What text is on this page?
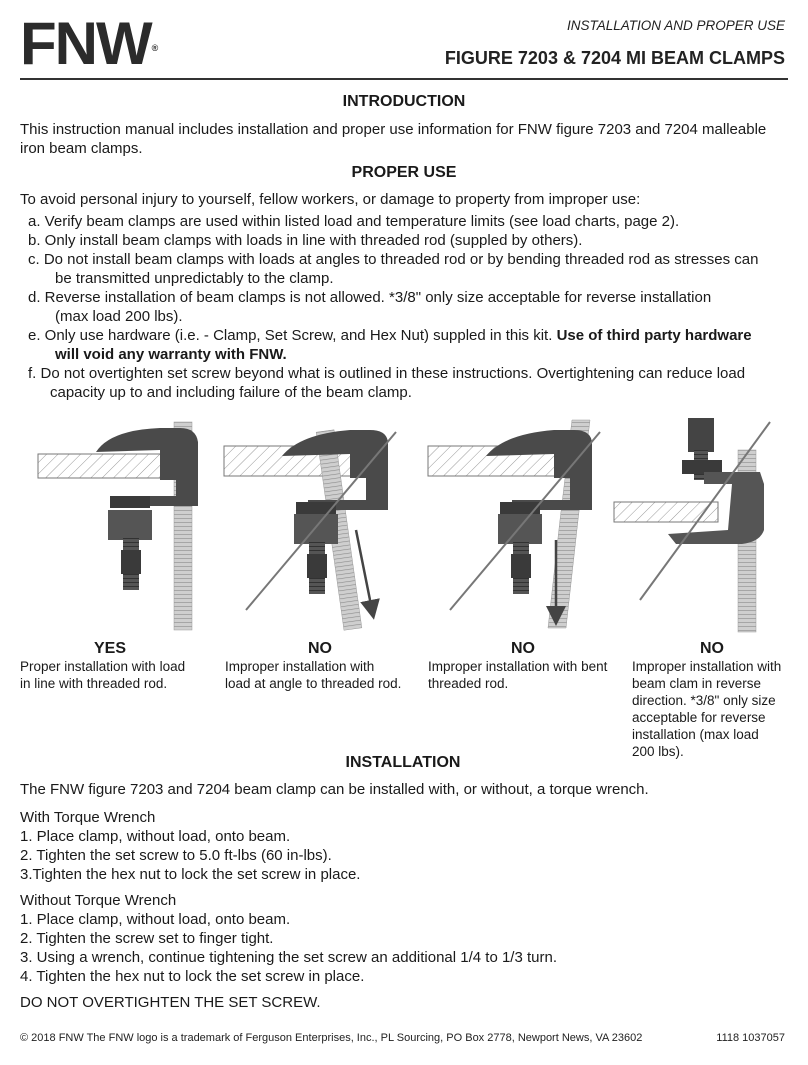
FNW®
INSTALLATION AND PROPER USE
FIGURE 7203 & 7204 MI BEAM CLAMPS
INTRODUCTION
This instruction manual includes installation and proper use information for FNW figure 7203 and 7204 malleable
iron beam clamps.
PROPER USE
To avoid personal injury to yourself, fellow workers, or damage to property from improper use:
a. Verify beam clamps are used within listed load and temperature limits (see load charts, page 2).
b. Only install beam clamps with loads in line with threaded rod (suppled by others).
c. Do not install beam clamps with loads at angles to threaded rod or by bending threaded rod as stresses can
be transmitted unpredictably to the clamp.
d. Reverse installation of beam clamps is not allowed. *3/8" only size acceptable for reverse installation
(max load 200 lbs).
e. Only use hardware (i.e. - Clamp, Set Screw, and Hex Nut) suppled in this kit. Use of third party hardware
will void any warranty with FNW.
f. Do not overtighten set screw beyond what is outlined in these instructions. Overtightening can reduce load
capacity up to and including failure of the beam clamp.
YES
Proper installation with load
in line with threaded rod.
NO
Improper installation with
load at angle to threaded rod.
NO
Improper installation with bent
threaded rod.
NO
Improper installation with
beam clam in reverse
direction. *3/8" only size
acceptable for reverse
installation (max load
200 lbs).
INSTALLATION
The FNW figure 7203 and 7204 beam clamp can be installed with, or without, a torque wrench.
With Torque Wrench
1. Place clamp, without load, onto beam.
2. Tighten the set screw to 5.0 ft-lbs (60 in-lbs).
3.Tighten the hex nut to lock the set screw in place.
Without Torque Wrench
1. Place clamp, without load, onto beam.
2. Tighten the screw set to finger tight.
3. Using a wrench, continue tightening the set screw an additional 1/4 to 1/3 turn.
4. Tighten the hex nut to lock the set screw in place.
DO NOT OVERTIGHTEN THE SET SCREW.
© 2018 FNW The FNW logo is a trademark of Ferguson Enterprises, Inc., PL Sourcing, PO Box 2778, Newport News, VA 23602	1118 1037057
